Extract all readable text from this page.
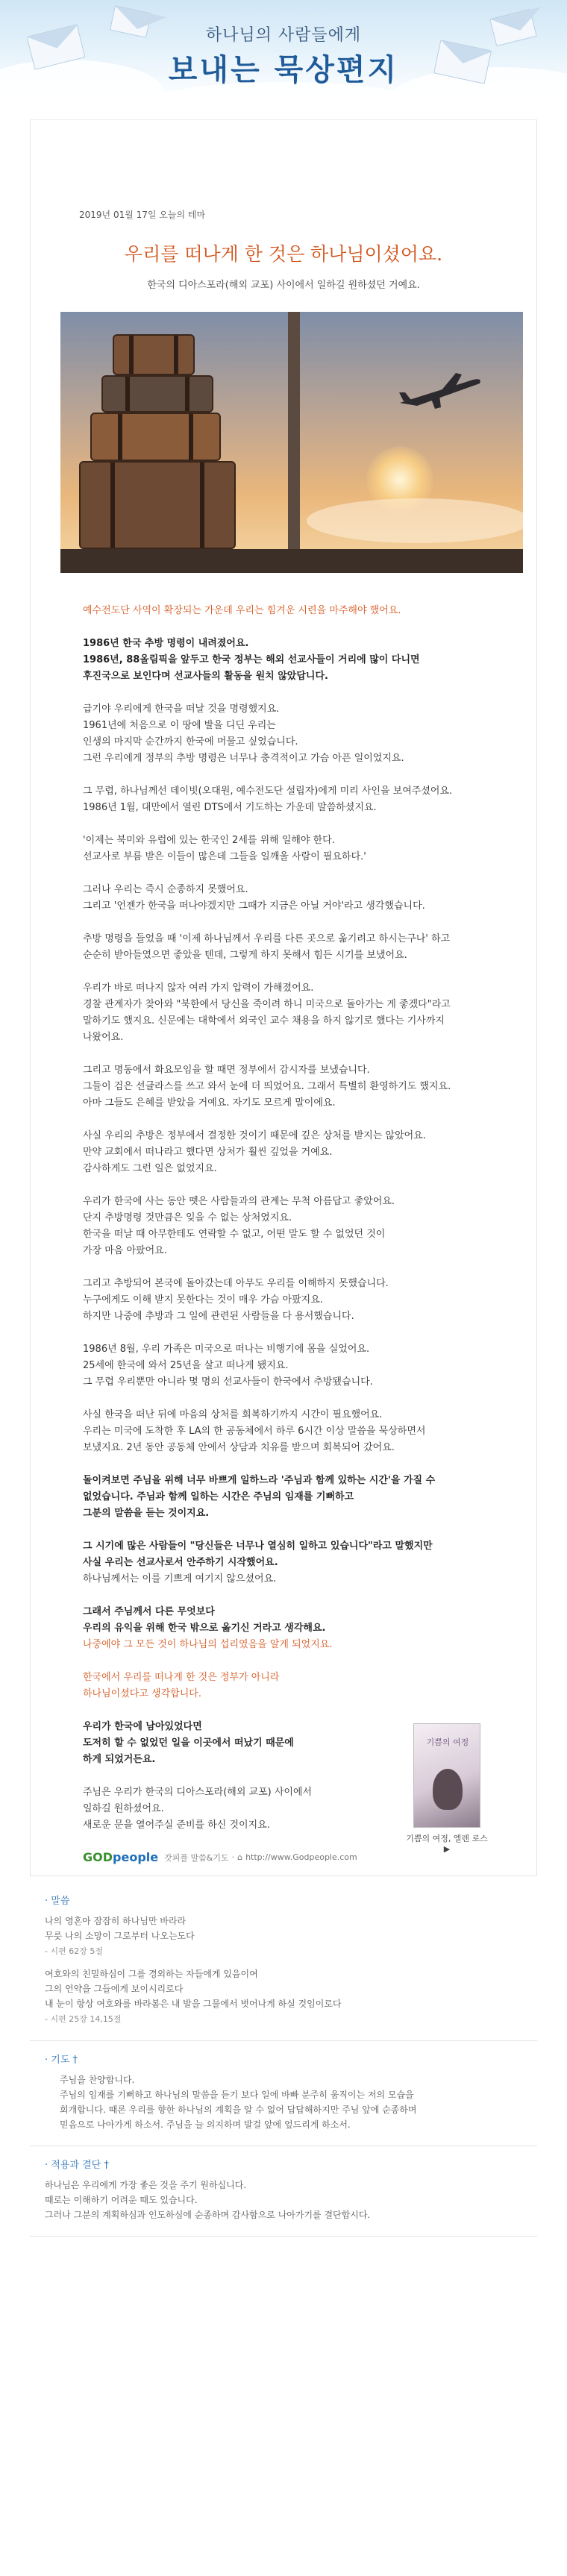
하나님의 사람들에게
보내는 묵상편지
2019년 01월 17일 오늘의 테마
우리를 떠나게 한 것은 하나님이셨어요.
한국의 디아스포라(해외 교포) 사이에서 일하길 원하셨던 거예요.

예수전도단 사역이 확장되는 가운데 우리는 힘겨운 시련을 마주해야 했어요.

1986년 한국 추방 명령이 내려졌어요.
1986년, 88올림픽을 앞두고 한국 정부는 해외 선교사들이 거리에 많이 다니면
후진국으로 보인다며 선교사들의 활동을 원치 않았답니다.

급기야 우리에게 한국을 떠날 것을 명령했지요.
1961년에 처음으로 이 땅에 발을 디딘 우리는
인생의 마지막 순간까지 한국에 머물고 싶었습니다.
그런 우리에게 정부의 추방 명령은 너무나 충격적이고 가슴 아픈 일이었지요.

그 무렵, 하나님께선 데이빗(오대원, 예수전도단 설립자)에게 미리 사인을 보여주셨어요.
1986년 1월, 대만에서 열린 DTS에서 기도하는 가운데 말씀하셨지요.

'이제는 북미와 유럽에 있는 한국인 2세를 위해 일해야 한다.
선교사로 부름 받은 이들이 많은데 그들을 일깨울 사람이 필요하다.'

그러나 우리는 즉시 순종하지 못했어요.
그리고 '언젠가 한국을 떠나야겠지만 그때가 지금은 아닐 거야'라고 생각했습니다.

추방 명령을 들었을 때 '이제 하나님께서 우리를 다른 곳으로 옮기려고 하시는구나' 하고
순순히 받아들였으면 좋았을 텐데, 그렇게 하지 못해서 힘든 시기를 보냈어요.

우리가 바로 떠나지 않자 여러 가지 압력이 가해졌어요.
경찰 관계자가 찾아와 "북한에서 당신을 죽이려 하니 미국으로 돌아가는 게 좋겠다"라고
말하기도 했지요. 신문에는 대학에서 외국인 교수 채용을 하지 않기로 했다는 기사까지
나왔어요.

그리고 명동에서 화요모임을 할 때면 정부에서 감시자를 보냈습니다.
그들이 검은 선글라스를 쓰고 와서 눈에 더 띄었어요. 그래서 특별히 환영하기도 했지요.
아마 그들도 은혜를 받았을 거예요. 자기도 모르게 말이에요.

사실 우리의 추방은 정부에서 결정한 것이기 때문에 깊은 상처를 받지는 않았어요.
만약 교회에서 떠나라고 했다면 상처가 훨씬 깊었을 거예요.
감사하게도 그런 일은 없었지요.

우리가 한국에 사는 동안 뗏은 사람들과의 관계는 무척 아름답고 좋았어요.
단지 추방명령 것만큼은 잊을 수 없는 상처였지요.
한국을 떠날 때 아무한테도 연락할 수 없고, 어떤 말도 할 수 없었던 것이
가장 마음 아팠어요.

그리고 추방되어 본국에 돌아갔는데 아무도 우리를 이해하지 못했습니다.
누구에게도 이해 받지 못한다는 것이 매우 가슴 아팠지요.
하지만 나중에 추방과 그 일에 관련된 사람들을 다 용서했습니다.

1986년 8월, 우리 가족은 미국으로 떠나는 비행기에 몸을 실었어요.
25세에 한국에 와서 25년을 살고 떠나게 됐지요.
그 무렵 우리뿐만 아니라 몇 명의 선교사들이 한국에서 추방됐습니다.

사실 한국을 떠난 뒤에 마음의 상처를 회복하기까지 시간이 필요했어요.
우리는 미국에 도착한 후 LA의 한 공동체에서 하루 6시간 이상 말씀을 묵상하면서
보냈지요. 2년 동안 공동체 안에서 상담과 치유를 받으며 회복되어 갔어요.

돌이켜보면 주님을 위해 너무 바쁘게 일하느라 '주님과 함께 있하는 시간'을 가질 수
없었습니다. 주님과 함께 일하는 시간은 주님의 임재를 기뻐하고
그분의 말씀을 듣는 것이지요.

그 시기에 많은 사람들이 "당신들은 너무나 열심히 일하고 있습니다"라고 말했지만
사실 우리는 선교사로서 안주하기 시작했어요.
하나님께서는 이를 기쁘게 여기지 않으셨어요.

그래서 주님께서 다른 무엇보다
우리의 유익을 위해 한국 밖으로 옮기신 거라고 생각해요.
나중에야 그 모든 것이 하나님의 섭리였음을 알게 되었지요.

한국에서 우리를 떠나게 한 것은 정부가 아니라
하나님이셨다고 생각합니다.

우리가 한국에 남아있었다면
도저히 할 수 없었던 일을 이곳에서 떠났기 때문에
하게 되었거든요.

주님은 우리가 한국의 디아스포라(해외 교포) 사이에서
일하길 원하셨어요.
새로운 문을 열어주실 준비를 하신 것이지요.

기쁨의 여정
기쁨의 여정, 엘렌 로스 ▶
GODpeople 갓피플 말씀&기도 · ⌂ http://www.Godpeople.com
· 말씀

나의 영혼아 잠잠히 하나님만 바라라
무릇 나의 소망이 그로부터 나오는도다
- 시편 62장 5절

여호와의 친밀하심이 그를 경외하는 자들에게 있음이여
그의 언약을 그들에게 보이시리로다
내 눈이 항상 여호와를 바라봄은 내 발을 그물에서 벗어나게 하실 것임이로다
- 시편 25장 14,15절

· 기도 †
주님을 찬양합니다.
주님의 임재를 기뻐하고 하나님의 말씀을 듣기 보다 일에 바빠 분주히 움직이는 저의 모습을
회개합니다. 때론 우리를 향한 하나님의 계획을 알 수 없어 답답해하지만 주님 앞에 순종하며
믿음으로 나아가게 하소서. 주님을 늘 의지하며 발걸 앞에 엎드리게 하소서.
· 적용과 결단 †
하나님은 우리에게 가장 좋은 것을 주기 원하십니다.
때로는 이해하기 어려운 때도 있습니다.
그러나 그분의 계획하심과 인도하심에 순종하며 감사함으로 나아가기를 결단합시다.
